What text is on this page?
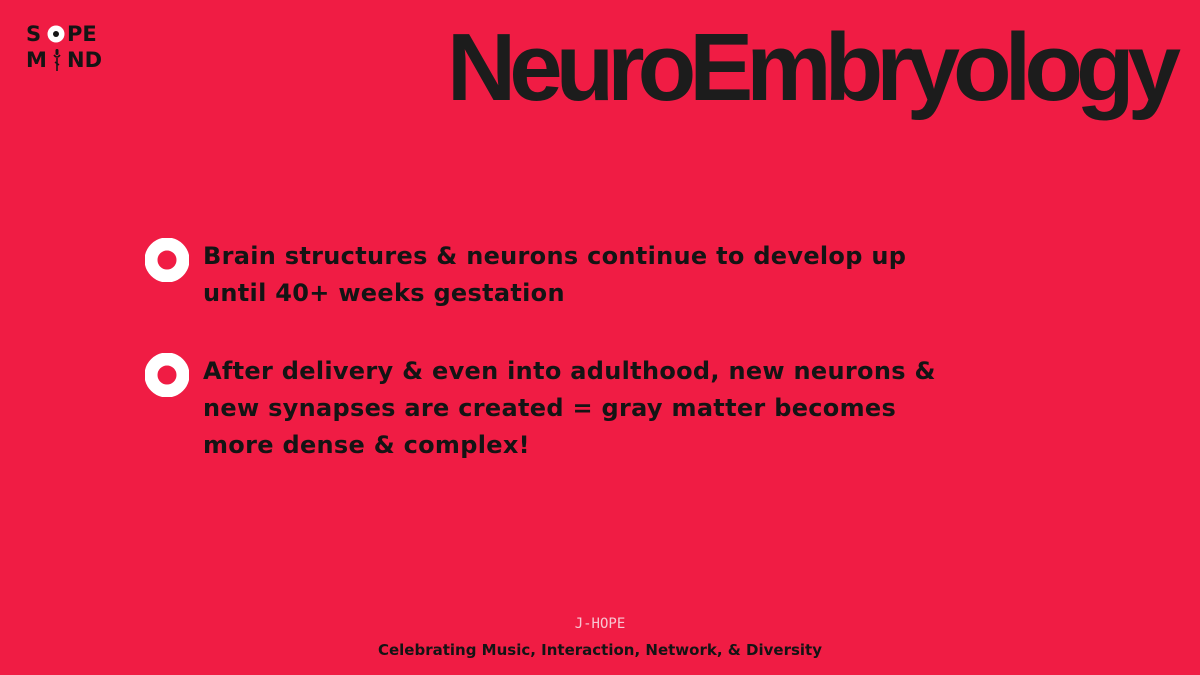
S PE
M ND	NeuroEmbryology
Brain structures & neurons continue to develop up until 40+ weeks gestation
After delivery & even into adulthood, new neurons & new synapses are created = gray matter becomes more dense & complex!
J-HOPE
Celebrating Music, Interaction, Network, & Diversity
